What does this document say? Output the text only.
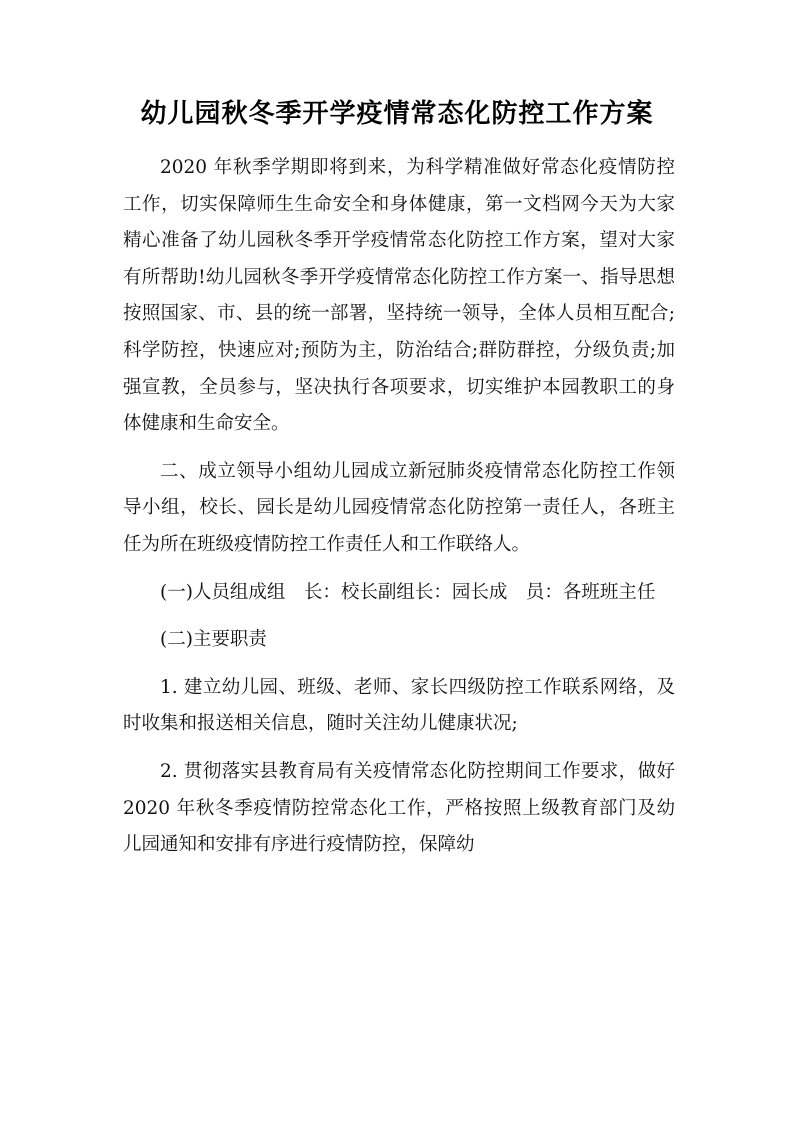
幼儿园秋冬季开学疫情常态化防控工作方案

2020 年秋季学期即将到来，为科学精准做好常态化疫情防控工作，切实保障师生生命安全和身体健康，第一文档网今天为大家精心准备了幼儿园秋冬季开学疫情常态化防控工作方案，望对大家有所帮助!幼儿园秋冬季开学疫情常态化防控工作方案一、指导思想按照国家、市、县的统一部署，坚持统一领导，全体人员相互配合;科学防控，快速应对;预防为主，防治结合;群防群控，分级负责;加强宣教，全员参与，坚决执行各项要求，切实维护本园教职工的身体健康和生命安全。

二、成立领导小组幼儿园成立新冠肺炎疫情常态化防控工作领导小组，校长、园长是幼儿园疫情常态化防控第一责任人，各班主任为所在班级疫情防控工作责任人和工作联络人。

(一)人员组成组　长：校长副组长：园长成　员：各班班主任

(二)主要职责

1. 建立幼儿园、班级、老师、家长四级防控工作联系网络，及时收集和报送相关信息，随时关注幼儿健康状况;

2. 贯彻落实县教育局有关疫情常态化防控期间工作要求，做好 2020 年秋冬季疫情防控常态化工作，严格按照上级教育部门及幼儿园通知和安排有序进行疫情防控，保障幼
